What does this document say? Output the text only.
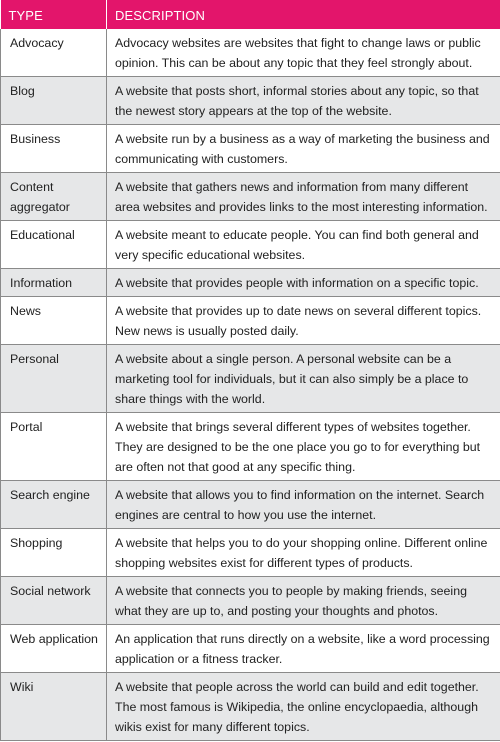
TYPE	DESCRIPTION
Advocacy	Advocacy websites are websites that fight to change laws or public opinion. This can be about any topic that they feel strongly about.
Blog	A website that posts short, informal stories about any topic, so that the newest story appears at the top of the website.
Business	A website run by a business as a way of marketing the business and communicating with customers.
Content aggregator	A website that gathers news and information from many different area websites and provides links to the most interesting information.
Educational	A website meant to educate people. You can find both general and very specific educational websites.
Information	A website that provides people with information on a specific topic.
News	A website that provides up to date news on several different topics. New news is usually posted daily.
Personal	A website about a single person. A personal website can be a marketing tool for individuals, but it can also simply be a place to share things with the world.
Portal	A website that brings several different types of websites together. They are designed to be the one place you go to for everything but are often not that good at any specific thing.
Search engine	A website that allows you to find information on the internet. Search engines are central to how you use the internet.
Shopping	A website that helps you to do your shopping online. Different online shopping websites exist for different types of products.
Social network	A website that connects you to people by making friends, seeing what they are up to, and posting your thoughts and photos.
Web application	An application that runs directly on a website, like a word processing application or a fitness tracker.
Wiki	A website that people across the world can build and edit together. The most famous is Wikipedia, the online encyclopaedia, although wikis exist for many different topics.
